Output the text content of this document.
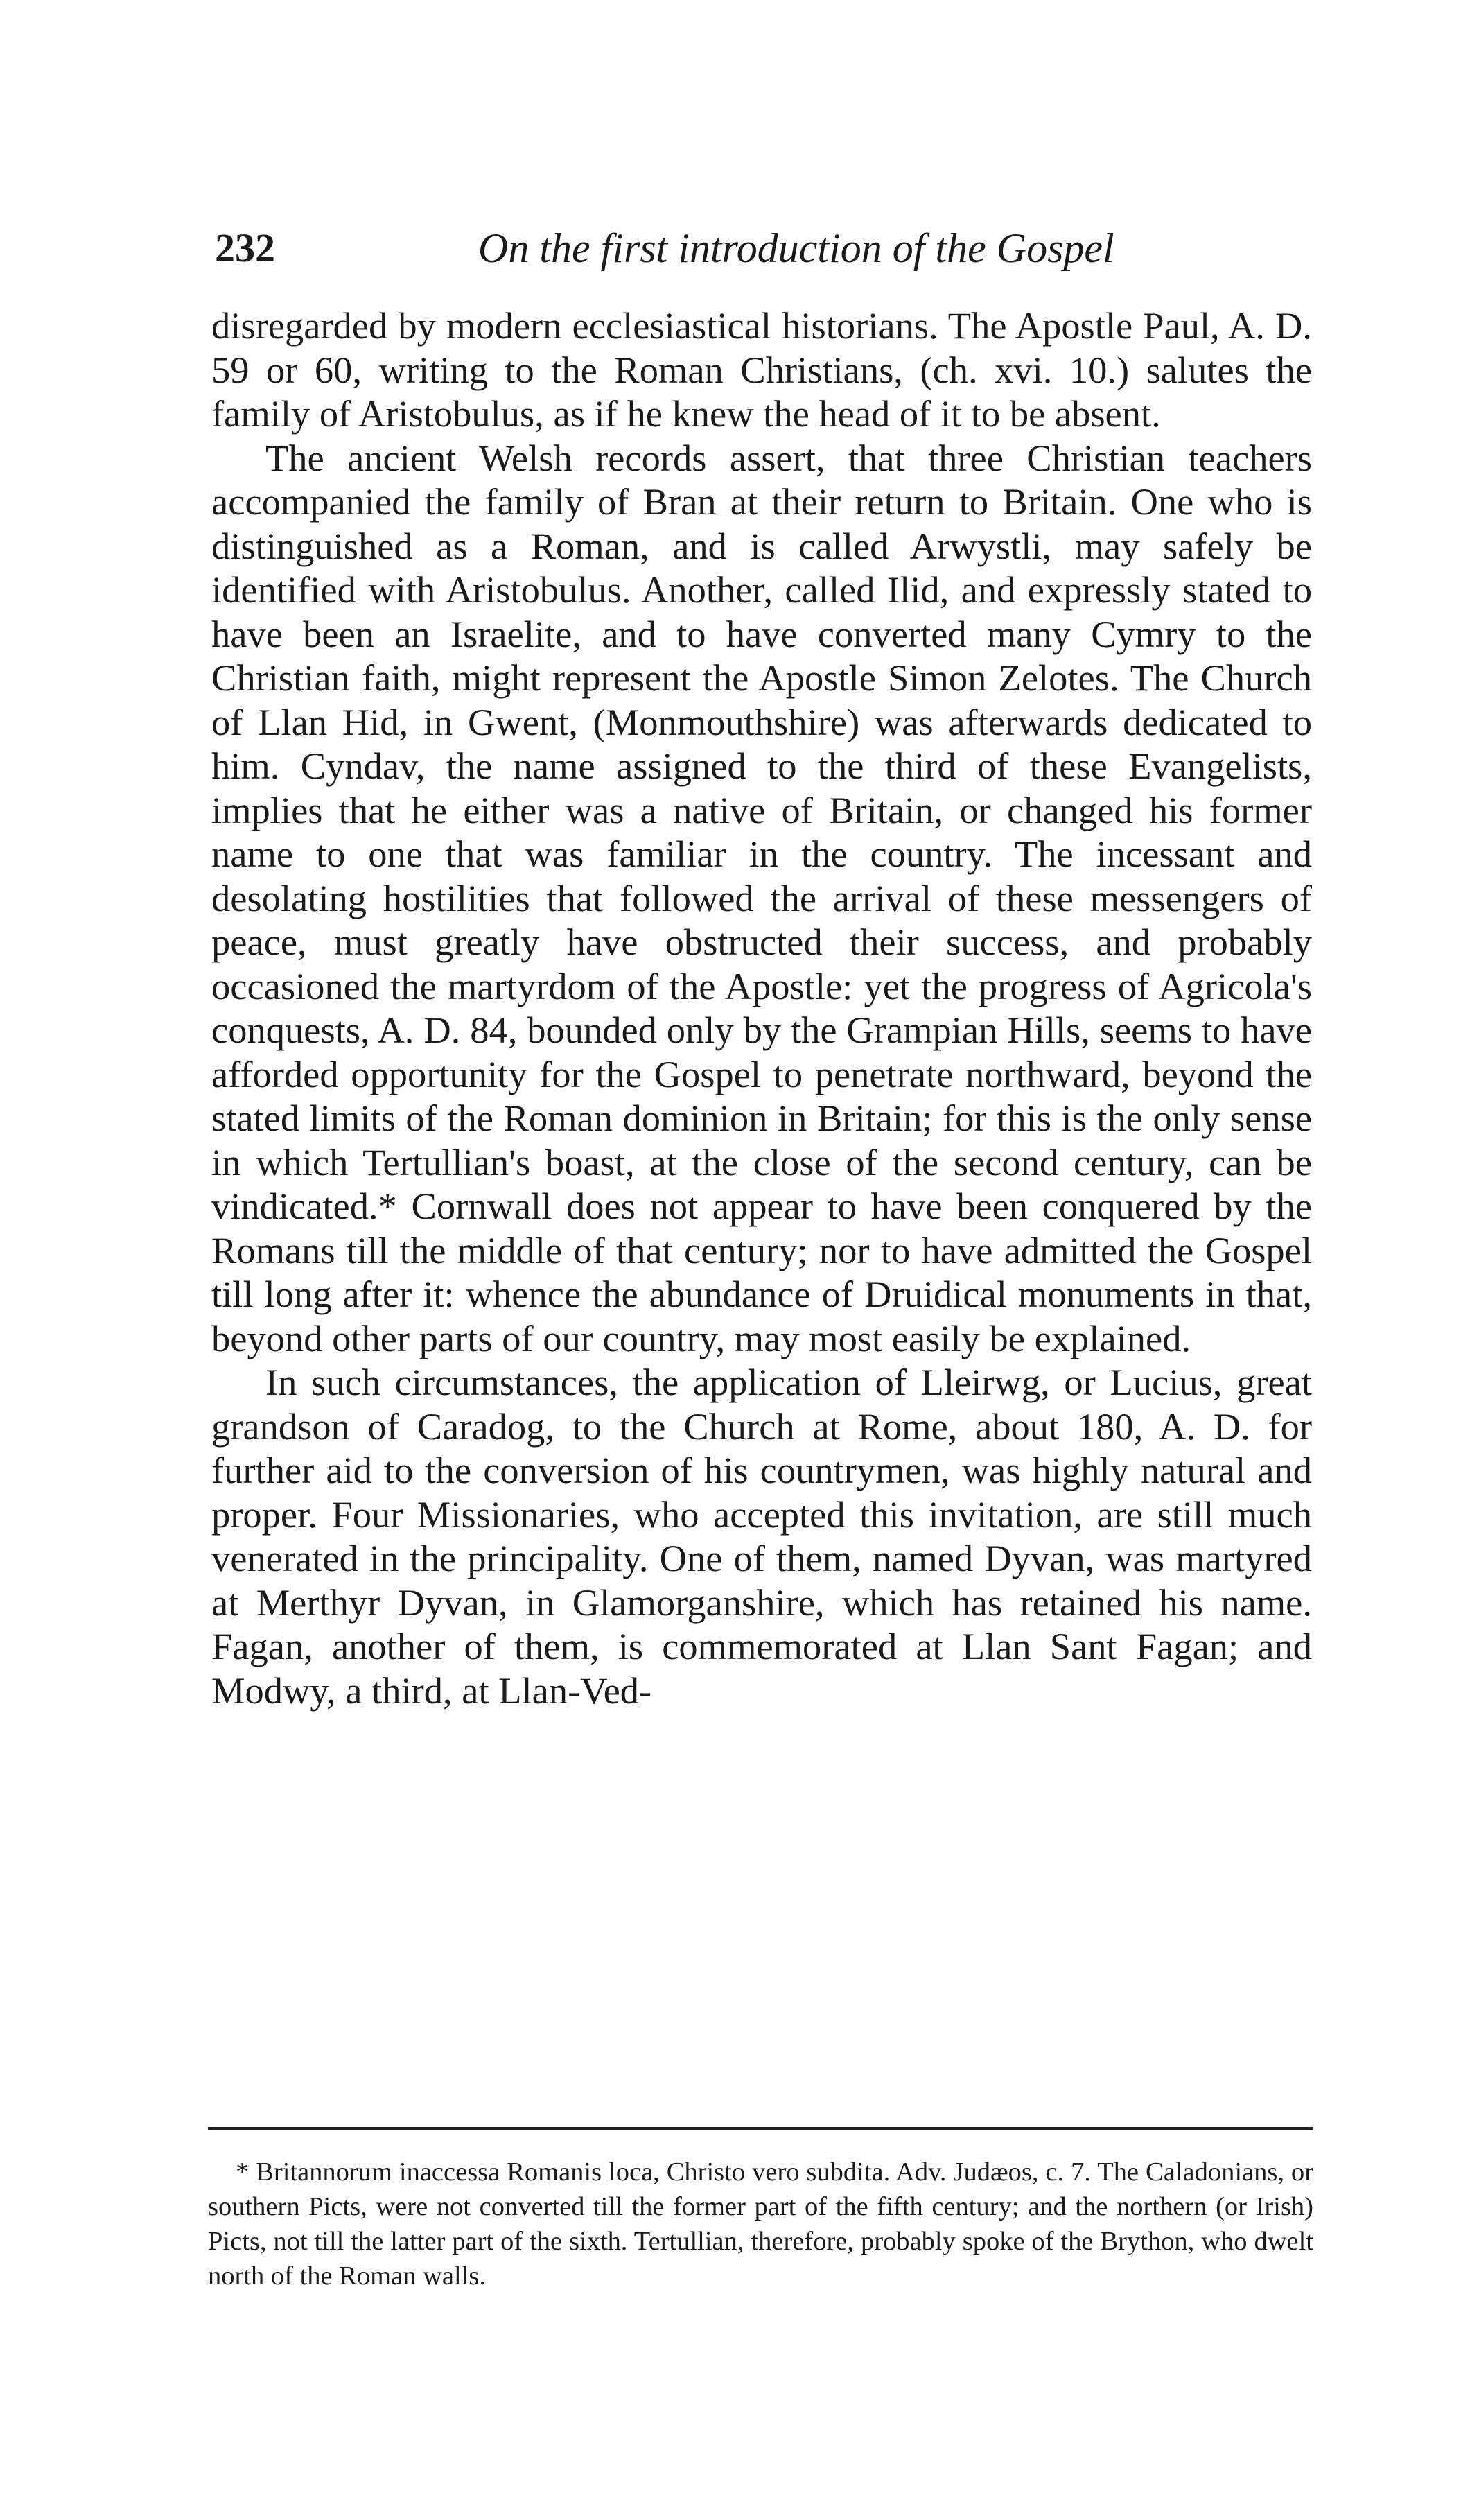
232	On the first introduction of the Gospel

disregarded by modern ecclesiastical historians. The Apostle Paul, A. D. 59 or 60, writing to the Roman Christians, (ch. xvi. 10.) salutes the family of Aristobulus, as if he knew the head of it to be absent.

The ancient Welsh records assert, that three Christian teachers accompanied the family of Bran at their return to Britain. One who is distinguished as a Roman, and is called Arwystli, may safely be identified with Aristobulus. Another, called Ilid, and expressly stated to have been an Israelite, and to have converted many Cymry to the Christian faith, might represent the Apostle Simon Zelotes. The Church of Llan Hid, in Gwent, (Monmouthshire) was afterwards dedicated to him. Cyndav, the name assigned to the third of these Evangelists, implies that he either was a native of Britain, or changed his former name to one that was familiar in the country. The incessant and desolating hostilities that followed the arrival of these messengers of peace, must greatly have obstructed their success, and probably occasioned the martyrdom of the Apostle: yet the progress of Agricola's conquests, A. D. 84, bounded only by the Grampian Hills, seems to have afforded opportunity for the Gospel to penetrate northward, beyond the stated limits of the Roman dominion in Britain; for this is the only sense in which Tertullian's boast, at the close of the second century, can be vindicated.* Cornwall does not appear to have been conquered by the Romans till the middle of that century; nor to have admitted the Gospel till long after it: whence the abundance of Druidical monuments in that, beyond other parts of our country, may most easily be explained.

In such circumstances, the application of Lleirwg, or Lucius, great grandson of Caradog, to the Church at Rome, about 180, A. D. for further aid to the conversion of his countrymen, was highly natural and proper. Four Missionaries, who accepted this invitation, are still much venerated in the principality. One of them, named Dyvan, was martyred at Merthyr Dyvan, in Glamorganshire, which has retained his name. Fagan, another of them, is commemorated at Llan Sant Fagan; and Modwy, a third, at Llan-Ved-

* Britannorum inaccessa Romanis loca, Christo vero subdita. Adv. Judæos, c. 7. The Caladonians, or southern Picts, were not converted till the former part of the fifth century; and the northern (or Irish) Picts, not till the latter part of the sixth. Tertullian, therefore, probably spoke of the Brython, who dwelt north of the Roman walls.
